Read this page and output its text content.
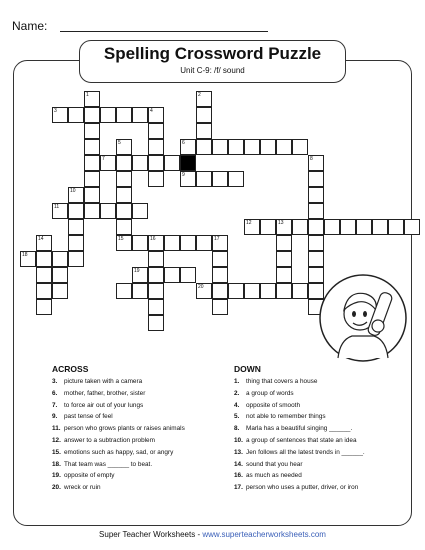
Name:
Spelling Crossword Puzzle
Unit C-9: /f/ sound
1	2
3	4
5	6
7	8
9
10
11
12	13
14	15	16	17
18
19
20
ACROSS
3. picture taken with a camera
6. mother, father, brother, sister
7. to force air out of your lungs
9. past tense of feel
11. person who grows plants or raises animals
12. answer to a subtraction problem
15. emotions such as happy, sad, or angry
18. That team was ______ to beat.
19. opposite of empty
20. wreck or ruin
DOWN
1. thing that covers a house
2. a group of words
4. opposite of smooth
5. not able to remember things
8. Marla has a beautiful singing ______.
10. a group of sentences that state an idea
13. Jen follows all the latest trends in ______.
14. sound that you hear
16. as much as needed
17. person who uses a putter, driver, or iron
Super Teacher Worksheets - www.superteacherworksheets.com
